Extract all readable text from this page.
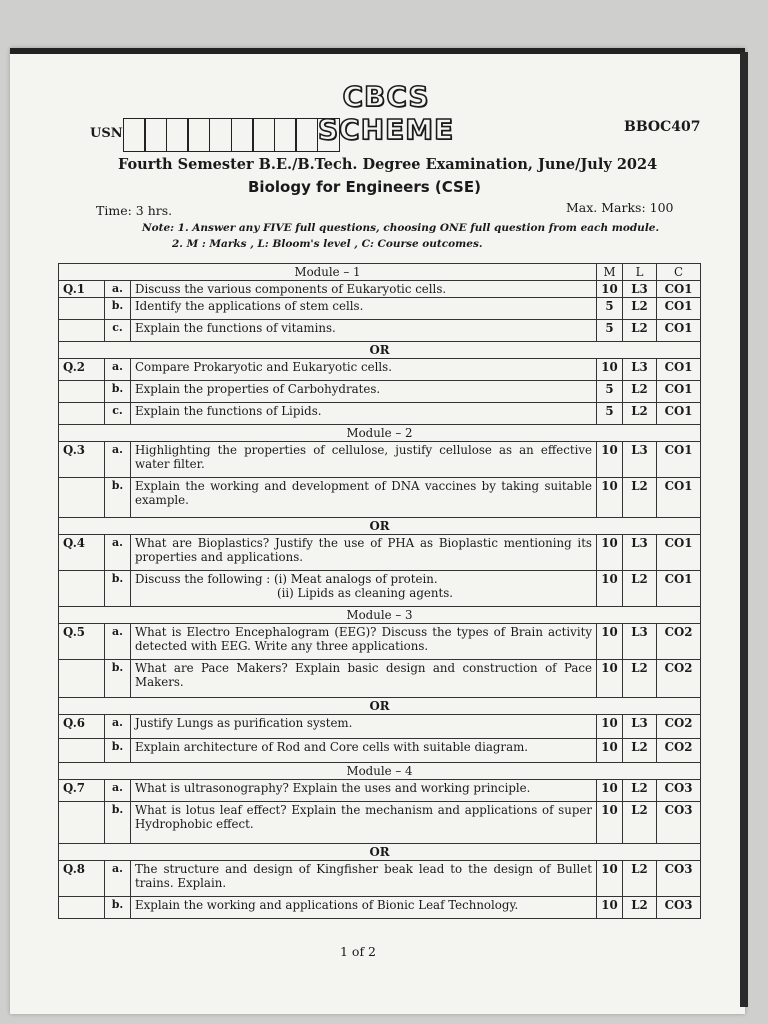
CBCS SCHEME
USN	BBOC407
Fourth Semester B.E./B.Tech. Degree Examination, June/July 2024
Biology for Engineers (CSE)
Time: 3 hrs.	Max. Marks: 100
Note: 1. Answer any FIVE full questions, choosing ONE full question from each module.
2. M : Marks , L: Bloom's level , C: Course outcomes.
Module – 1			M	L	C
Q.1	a.	Discuss the various components of Eukaryotic cells.	10	L3	CO1
	b.	Identify the applications of stem cells.	5	L2	CO1
	c.	Explain the functions of vitamins.	5	L2	CO1
OR					
Q.2	a.	Compare Prokaryotic and Eukaryotic cells.	10	L3	CO1
	b.	Explain the properties of Carbohydrates.	5	L2	CO1
	c.	Explain the functions of Lipids.	5	L2	CO1
Module – 2					
Q.3	a.	Highlighting the properties of cellulose, justify cellulose as an effective water filter.	10	L3	CO1
	b.	Explain the working and development of DNA vaccines by taking suitable example.	10	L2	CO1
OR					
Q.4	a.	What are Bioplastics? Justify the use of PHA as Bioplastic mentioning its properties and applications.	10	L3	CO1
	b.	Discuss the following : (i) Meat analogs of protein.
(ii) Lipids as cleaning agents.	10	L2	CO1
Module – 3					
Q.5	a.	What is Electro Encephalogram (EEG)? Discuss the types of Brain activity detected with EEG. Write any three applications.	10	L3	CO2
	b.	What are Pace Makers? Explain basic design and construction of Pace Makers.	10	L2	CO2
OR					
Q.6	a.	Justify Lungs as purification system.	10	L3	CO2
	b.	Explain architecture of Rod and Core cells with suitable diagram.	10	L2	CO2
Module – 4					
Q.7	a.	What is ultrasonography? Explain the uses and working principle.	10	L2	CO3
	b.	What is lotus leaf effect? Explain the mechanism and applications of super Hydrophobic effect.	10	L2	CO3
OR					
Q.8	a.	The structure and design of Kingfisher beak lead to the design of Bullet trains. Explain.	10	L2	CO3
	b.	Explain the working and applications of Bionic Leaf Technology.	10	L2	CO3
1 of 2
